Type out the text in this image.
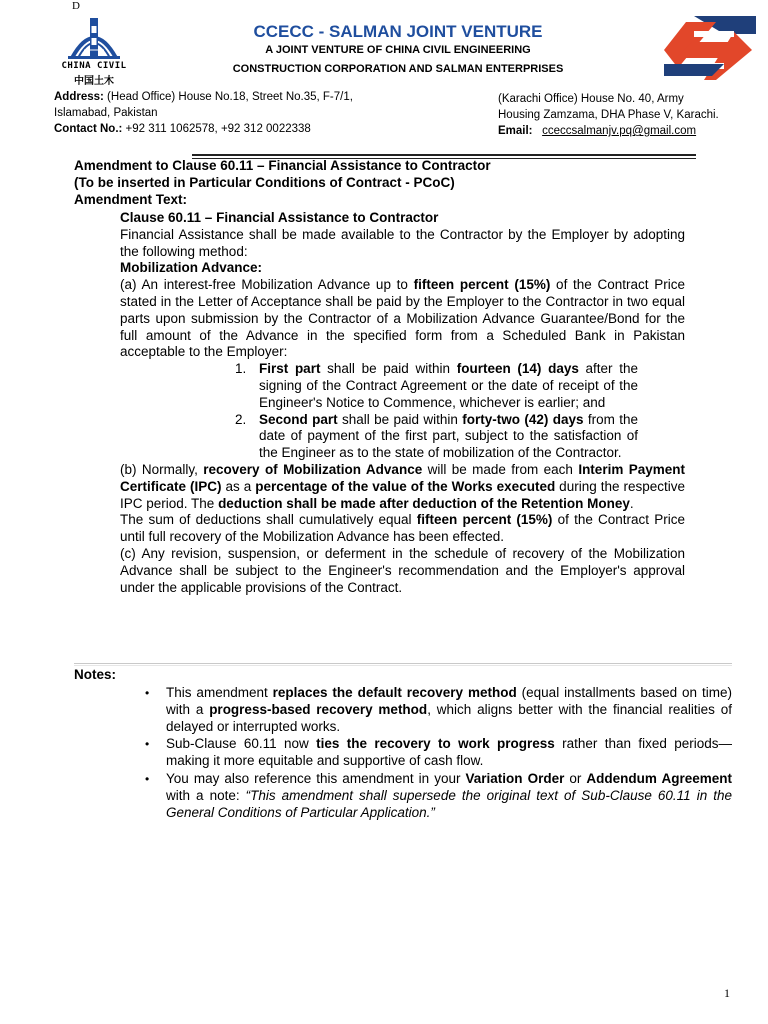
D
CHINA CIVIL
中国土木
CCECC - SALMAN JOINT VENTURE
A JOINT VENTURE OF CHINA CIVIL ENGINEERING
CONSTRUCTION CORPORATION AND SALMAN ENTERPRISES
Address: (Head Office) House No.18, Street No.35, F-7/1,
Islamabad, Pakistan
Contact No.: +92 311 1062578, +92 312 0022338
(Karachi Office) House No. 40, Army
Housing Zamzama, DHA Phase V, Karachi.
Email: cceccsalmanjv.pq@gmail.com
Amendment to Clause 60.11 – Financial Assistance to Contractor
(To be inserted in Particular Conditions of Contract - PCoC)
Amendment Text:

Clause 60.11 – Financial Assistance to Contractor

Financial Assistance shall be made available to the Contractor by the Employer by adopting the following method:

Mobilization Advance:

(a) An interest-free Mobilization Advance up to fifteen percent (15%) of the Contract Price stated in the Letter of Acceptance shall be paid by the Employer to the Contractor in two equal parts upon submission by the Contractor of a Mobilization Advance Guarantee/Bond for the full amount of the Advance in the specified form from a Scheduled Bank in Pakistan acceptable to the Employer:

1. First part shall be paid within fourteen (14) days after the signing of the Contract Agreement or the date of receipt of the Engineer's Notice to Commence, whichever is earlier; and
2. Second part shall be paid within forty-two (42) days from the date of payment of the first part, subject to the satisfaction of the Engineer as to the state of mobilization of the Contractor.

(b) Normally, recovery of Mobilization Advance will be made from each Interim Payment Certificate (IPC) as a percentage of the value of the Works executed during the respective IPC period. The deduction shall be made after deduction of the Retention Money.

The sum of deductions shall cumulatively equal fifteen percent (15%) of the Contract Price until full recovery of the Mobilization Advance has been effected.

(c) Any revision, suspension, or deferment in the schedule of recovery of the Mobilization Advance shall be subject to the Engineer's recommendation and the Employer's approval under the applicable provisions of the Contract.

Notes:
• This amendment replaces the default recovery method (equal installments based on time) with a progress-based recovery method, which aligns better with the financial realities of delayed or interrupted works.
• Sub-Clause 60.11 now ties the recovery to work progress rather than fixed periods—making it more equitable and supportive of cash flow.
• You may also reference this amendment in your Variation Order or Addendum Agreement with a note: “This amendment shall supersede the original text of Sub-Clause 60.11 in the General Conditions of Particular Application.”
1
